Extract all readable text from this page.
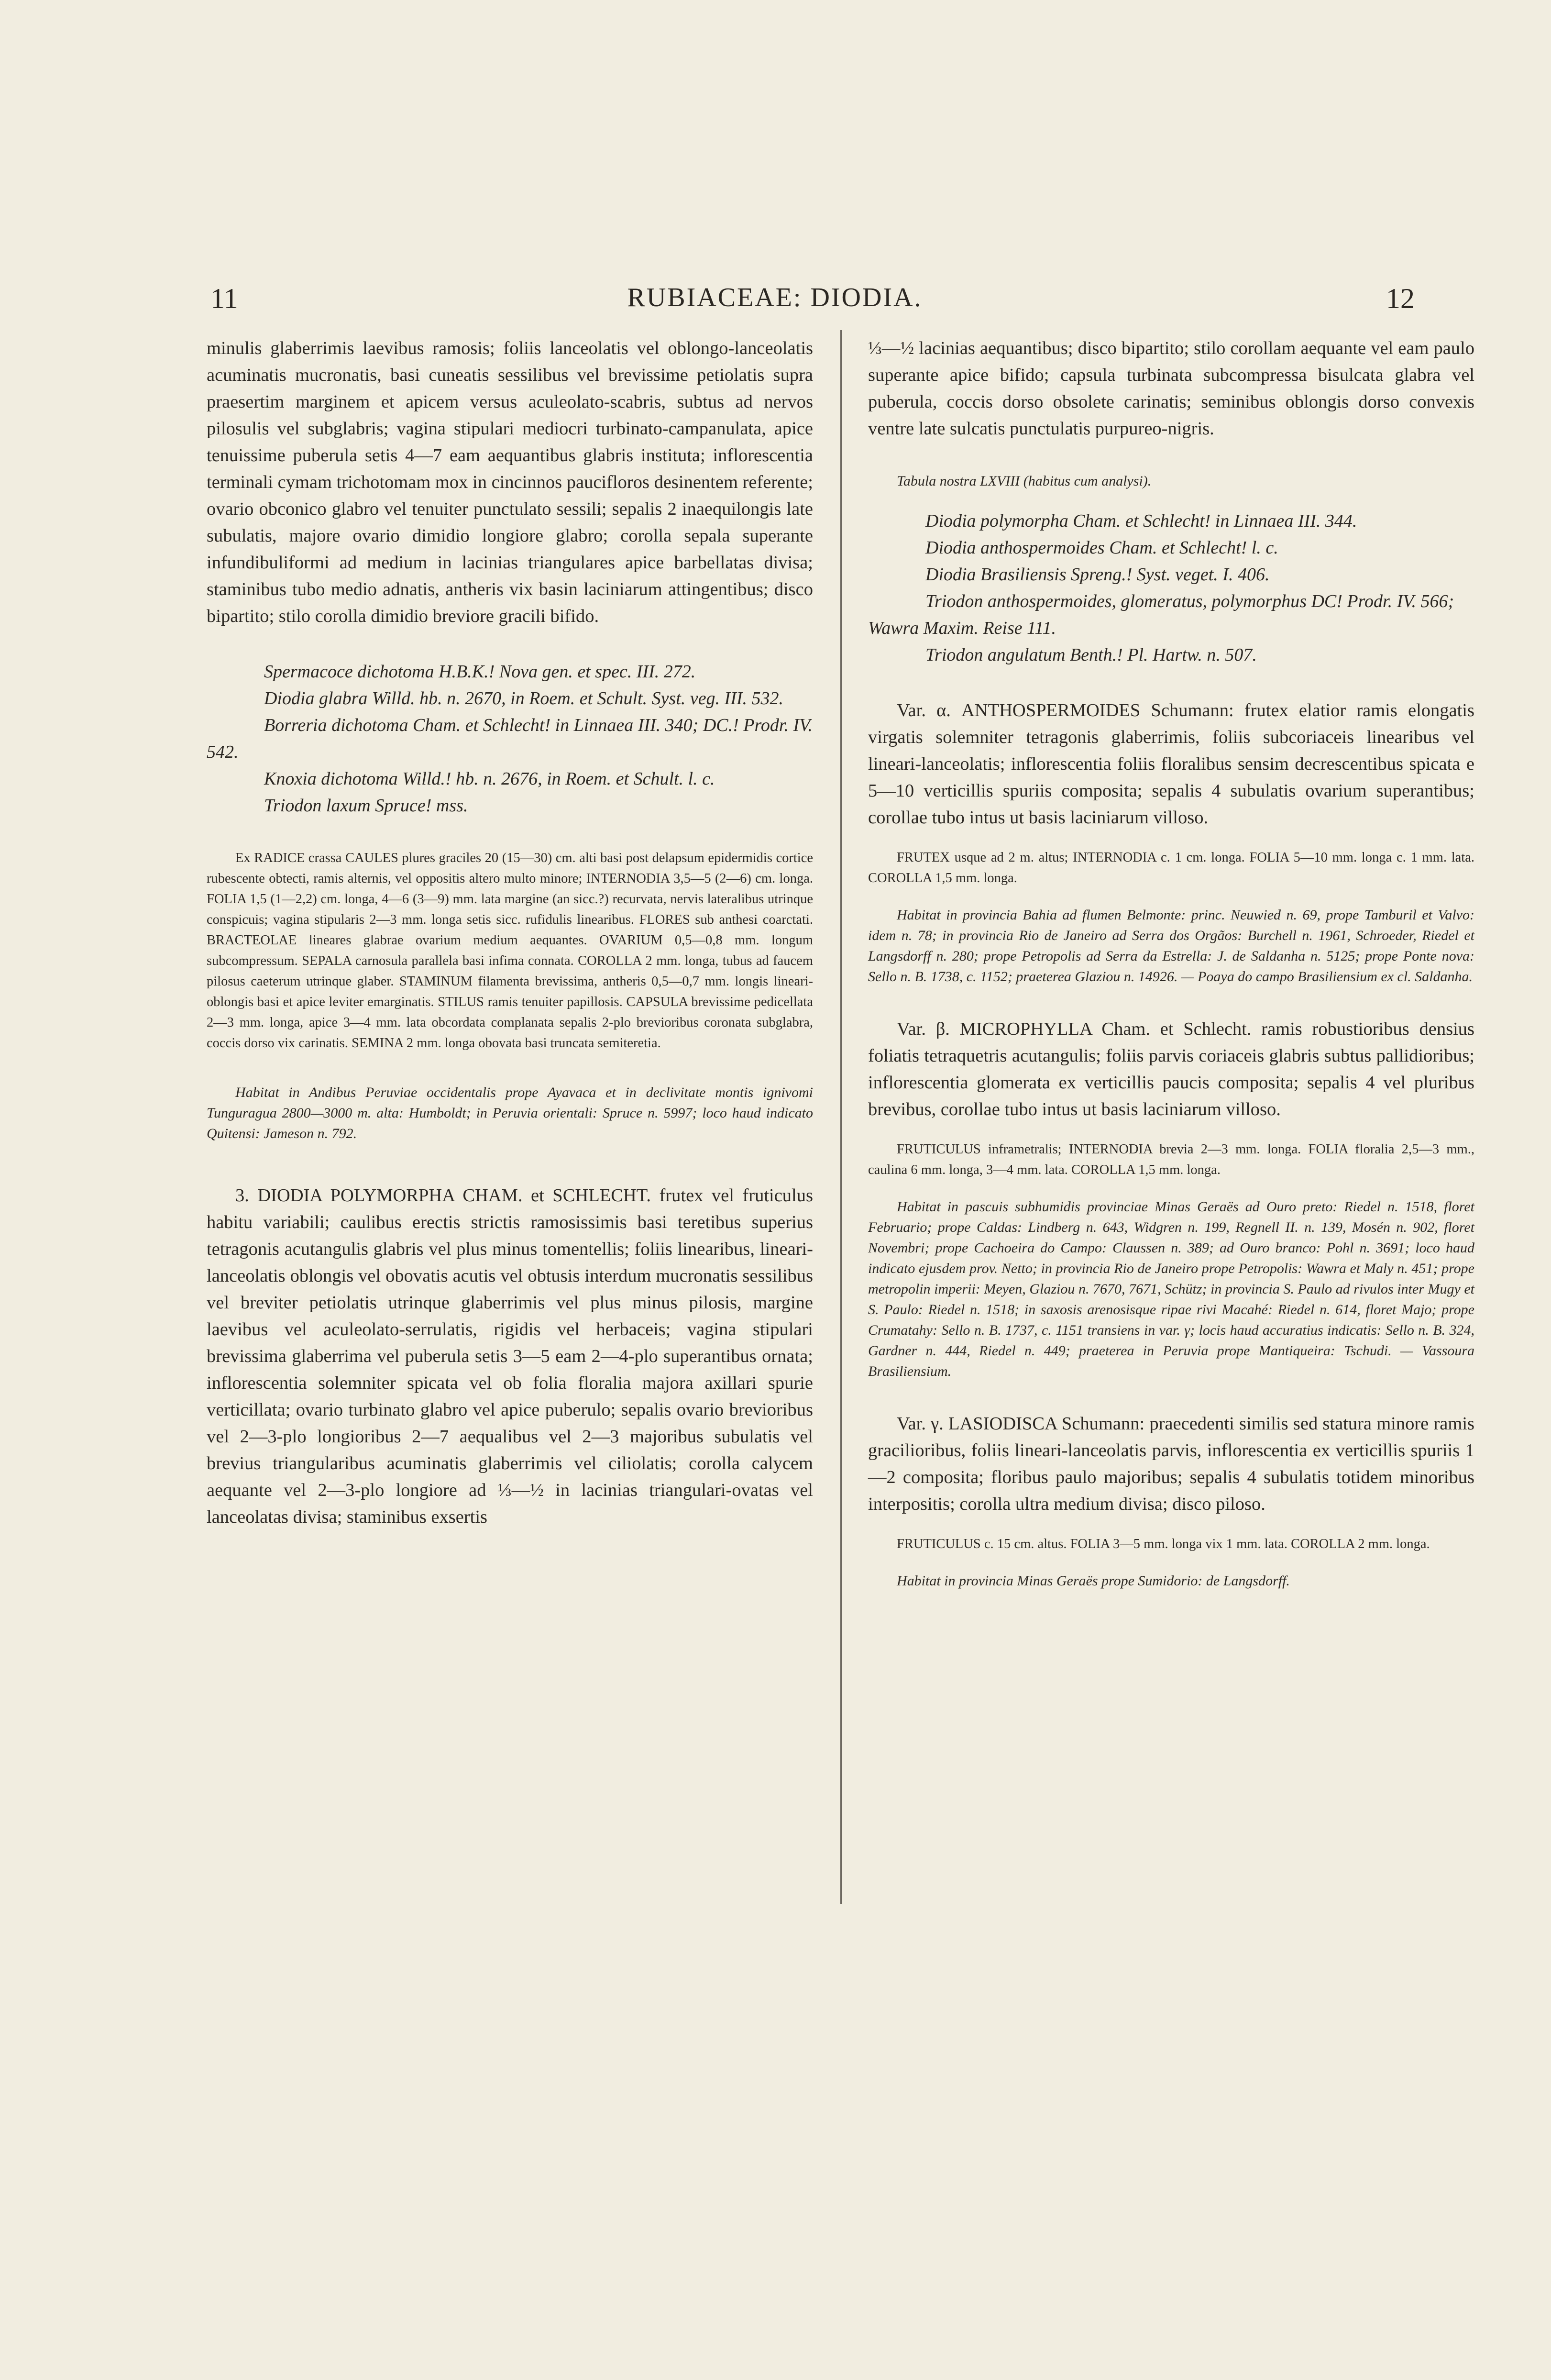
11	RUBIACEAE: DIODIA.	12

minulis glaberrimis laevibus ramosis; foliis lanceolatis vel oblongo-lanceolatis acuminatis mucronatis, basi cuneatis sessilibus vel brevissime petiolatis supra praesertim marginem et apicem versus aculeolato-scabris, subtus ad nervos pilosulis vel subglabris; vagina stipulari mediocri turbinato-campanulata, apice tenuissime puberula setis 4—7 eam aequantibus glabris instituta; inflorescentia terminali cymam trichotomam mox in cincinnos paucifloros desinentem referente; ovario obconico glabro vel tenuiter punctulato sessili; sepalis 2 inaequilongis late subulatis, majore ovario dimidio longiore glabro; corolla sepala superante infundibuliformi ad medium in lacinias triangulares apice barbellatas divisa; staminibus tubo medio adnatis, antheris vix basin laciniarum attingentibus; disco bipartito; stilo corolla dimidio breviore gracili bifido.

Spermacoce dichotoma H.B.K.! Nova gen. et spec. III. 272.

Diodia glabra Willd. hb. n. 2670, in Roem. et Schult. Syst. veg. III. 532.

Borreria dichotoma Cham. et Schlecht! in Linnaea III. 340; DC.! Prodr. IV. 542.

Knoxia dichotoma Willd.! hb. n. 2676, in Roem. et Schult. l. c.

Triodon laxum Spruce! mss.

Ex RADICE crassa CAULES plures graciles 20 (15—30) cm. alti basi post delapsum epidermidis cortice rubescente obtecti, ramis alternis, vel oppositis altero multo minore; INTERNODIA 3,5—5 (2—6) cm. longa. FOLIA 1,5 (1—2,2) cm. longa, 4—6 (3—9) mm. lata margine (an sicc.?) recurvata, nervis lateralibus utrinque conspicuis; vagina stipularis 2—3 mm. longa setis sicc. rufidulis linearibus. FLORES sub anthesi coarctati. BRACTEOLAE lineares glabrae ovarium medium aequantes. OVARIUM 0,5—0,8 mm. longum subcompressum. SEPALA carnosula parallela basi infima connata. COROLLA 2 mm. longa, tubus ad faucem pilosus caeterum utrinque glaber. STAMINUM filamenta brevissima, antheris 0,5—0,7 mm. longis lineari-oblongis basi et apice leviter emarginatis. STILUS ramis tenuiter papillosis. CAPSULA brevissime pedicellata 2—3 mm. longa, apice 3—4 mm. lata obcordata complanata sepalis 2-plo brevioribus coronata subglabra, coccis dorso vix carinatis. SEMINA 2 mm. longa obovata basi truncata semiteretia.

Habitat in Andibus Peruviae occidentalis prope Ayavaca et in declivitate montis ignivomi Tunguragua 2800—3000 m. alta: Humboldt; in Peruvia orientali: Spruce n. 5997; loco haud indicato Quitensi: Jameson n. 792.

3. DIODIA POLYMORPHA CHAM. et SCHLECHT. frutex vel fruticulus habitu variabili; caulibus erectis strictis ramosissimis basi teretibus superius tetragonis acutangulis glabris vel plus minus tomentellis; foliis linearibus, lineari-lanceolatis oblongis vel obovatis acutis vel obtusis interdum mucronatis sessilibus vel breviter petiolatis utrinque glaberrimis vel plus minus pilosis, margine laevibus vel aculeolato-serrulatis, rigidis vel herbaceis; vagina stipulari brevissima glaberrima vel puberula setis 3—5 eam 2—4-plo superantibus ornata; inflorescentia solemniter spicata vel ob folia floralia majora axillari spurie verticillata; ovario turbinato glabro vel apice puberulo; sepalis ovario brevioribus vel 2—3-plo longioribus 2—7 aequalibus vel 2—3 majoribus subulatis vel brevius triangularibus acuminatis glaberrimis vel ciliolatis; corolla calycem aequante vel 2—3-plo longiore ad ⅓—½ in lacinias triangulari-ovatas vel lanceolatas divisa; staminibus exsertis

⅓—½ lacinias aequantibus; disco bipartito; stilo corollam aequante vel eam paulo superante apice bifido; capsula turbinata subcompressa bisulcata glabra vel puberula, coccis dorso obsolete carinatis; seminibus oblongis dorso convexis ventre late sulcatis punctulatis purpureo-nigris.

Tabula nostra LXVIII (habitus cum analysi).

Diodia polymorpha Cham. et Schlecht! in Linnaea III. 344.

Diodia anthospermoides Cham. et Schlecht! l. c.

Diodia Brasiliensis Spreng.! Syst. veget. I. 406.

Triodon anthospermoides, glomeratus, polymorphus DC! Prodr. IV. 566; Wawra Maxim. Reise 111.

Triodon angulatum Benth.! Pl. Hartw. n. 507.

Var. α. ANTHOSPERMOIDES Schumann: frutex elatior ramis elongatis virgatis solemniter tetragonis glaberrimis, foliis subcoriaceis linearibus vel lineari-lanceolatis; inflorescentia foliis floralibus sensim decrescentibus spicata e 5—10 verticillis spuriis composita; sepalis 4 subulatis ovarium superantibus; corollae tubo intus ut basis laciniarum villoso.

FRUTEX usque ad 2 m. altus; INTERNODIA c. 1 cm. longa. FOLIA 5—10 mm. longa c. 1 mm. lata. COROLLA 1,5 mm. longa.

Habitat in provincia Bahia ad flumen Belmonte: princ. Neuwied n. 69, prope Tamburil et Valvo: idem n. 78; in provincia Rio de Janeiro ad Serra dos Orgãos: Burchell n. 1961, Schroeder, Riedel et Langsdorff n. 280; prope Petropolis ad Serra da Estrella: J. de Saldanha n. 5125; prope Ponte nova: Sello n. B. 1738, c. 1152; praeterea Glaziou n. 14926. — Poaya do campo Brasiliensium ex cl. Saldanha.

Var. β. MICROPHYLLA Cham. et Schlecht. ramis robustioribus densius foliatis tetraquetris acutangulis; foliis parvis coriaceis glabris subtus pallidioribus; inflorescentia glomerata ex verticillis paucis composita; sepalis 4 vel pluribus brevibus, corollae tubo intus ut basis laciniarum villoso.

FRUTICULUS inframetralis; INTERNODIA brevia 2—3 mm. longa. FOLIA floralia 2,5—3 mm., caulina 6 mm. longa, 3—4 mm. lata. COROLLA 1,5 mm. longa.

Habitat in pascuis subhumidis provinciae Minas Geraës ad Ouro preto: Riedel n. 1518, floret Februario; prope Caldas: Lindberg n. 643, Widgren n. 199, Regnell II. n. 139, Mosén n. 902, floret Novembri; prope Cachoeira do Campo: Claussen n. 389; ad Ouro branco: Pohl n. 3691; loco haud indicato ejusdem prov. Netto; in provincia Rio de Janeiro prope Petropolis: Wawra et Maly n. 451; prope metropolin imperii: Meyen, Glaziou n. 7670, 7671, Schütz; in provincia S. Paulo ad rivulos inter Mugy et S. Paulo: Riedel n. 1518; in saxosis arenosisque ripae rivi Macahé: Riedel n. 614, floret Majo; prope Crumatahy: Sello n. B. 1737, c. 1151 transiens in var. γ; locis haud accuratius indicatis: Sello n. B. 324, Gardner n. 444, Riedel n. 449; praeterea in Peruvia prope Mantiqueira: Tschudi. — Vassoura Brasiliensium.

Var. γ. LASIODISCA Schumann: praecedenti similis sed statura minore ramis gracilioribus, foliis lineari-lanceolatis parvis, inflorescentia ex verticillis spuriis 1—2 composita; floribus paulo majoribus; sepalis 4 subulatis totidem minoribus interpositis; corolla ultra medium divisa; disco piloso.

FRUTICULUS c. 15 cm. altus. FOLIA 3—5 mm. longa vix 1 mm. lata. COROLLA 2 mm. longa.

Habitat in provincia Minas Geraës prope Sumidorio: de Langsdorff.
